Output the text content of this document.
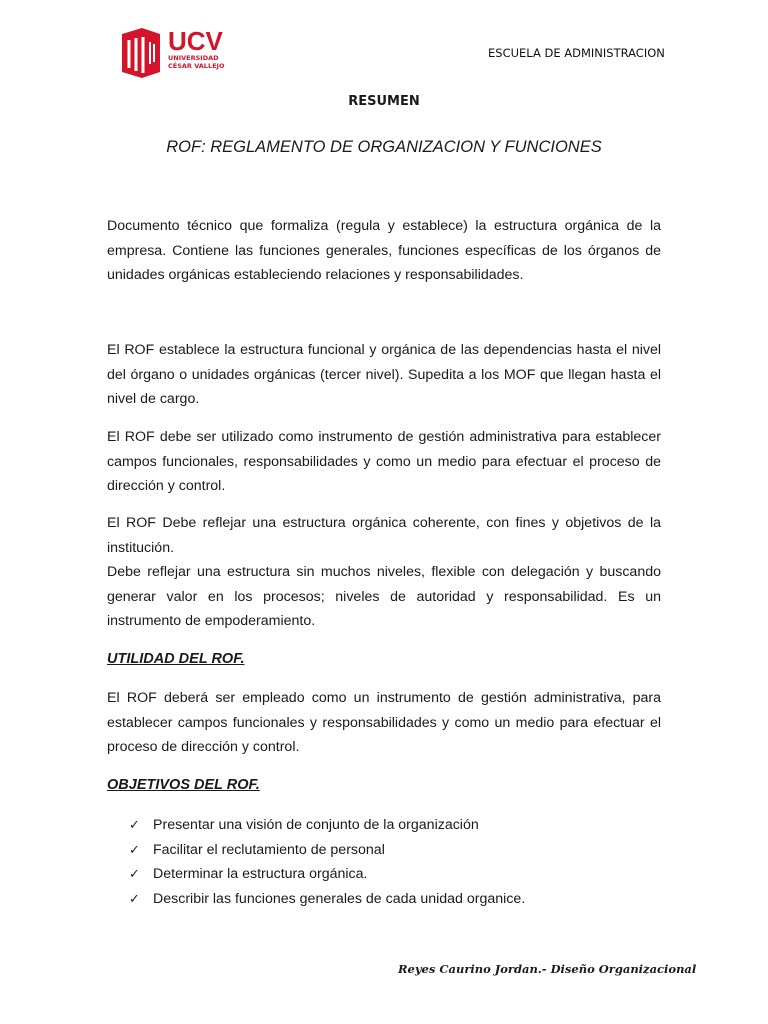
UCV
UNIVERSIDAD
CÉSAR VALLEJO
ESCUELA DE ADMINISTRACION
RESUMEN
ROF: REGLAMENTO DE ORGANIZACION Y FUNCIONES

Documento técnico que formaliza (regula y establece) la estructura orgánica de la empresa. Contiene las funciones generales, funciones específicas de los órganos de unidades orgánicas estableciendo relaciones y responsabilidades.

El ROF establece la estructura funcional y orgánica de las dependencias hasta el nivel del órgano o unidades orgánicas (tercer nivel). Supedita a los MOF que llegan hasta el nivel de cargo.

El ROF debe ser utilizado como instrumento de gestión administrativa para establecer campos funcionales, responsabilidades y como un medio para efectuar el proceso de dirección y control.

El ROF Debe reflejar una estructura orgánica coherente, con fines y objetivos de la institución.

Debe reflejar una estructura sin muchos niveles, flexible con delegación y buscando generar valor en los procesos; niveles de autoridad y responsabilidad. Es un instrumento de empoderamiento.

UTILIDAD DEL ROF.

El ROF deberá ser empleado como un instrumento de gestión administrativa, para establecer campos funcionales y responsabilidades y como un medio para efectuar el proceso de dirección y control.

OBJETIVOS DEL ROF.

✓ Presentar una visión de conjunto de la organización
✓ Facilitar el reclutamiento de personal
✓ Determinar la estructura orgánica.
✓ Describir las funciones generales de cada unidad organice.
Reyes Caurino Jordan.- Diseño Organizacional
